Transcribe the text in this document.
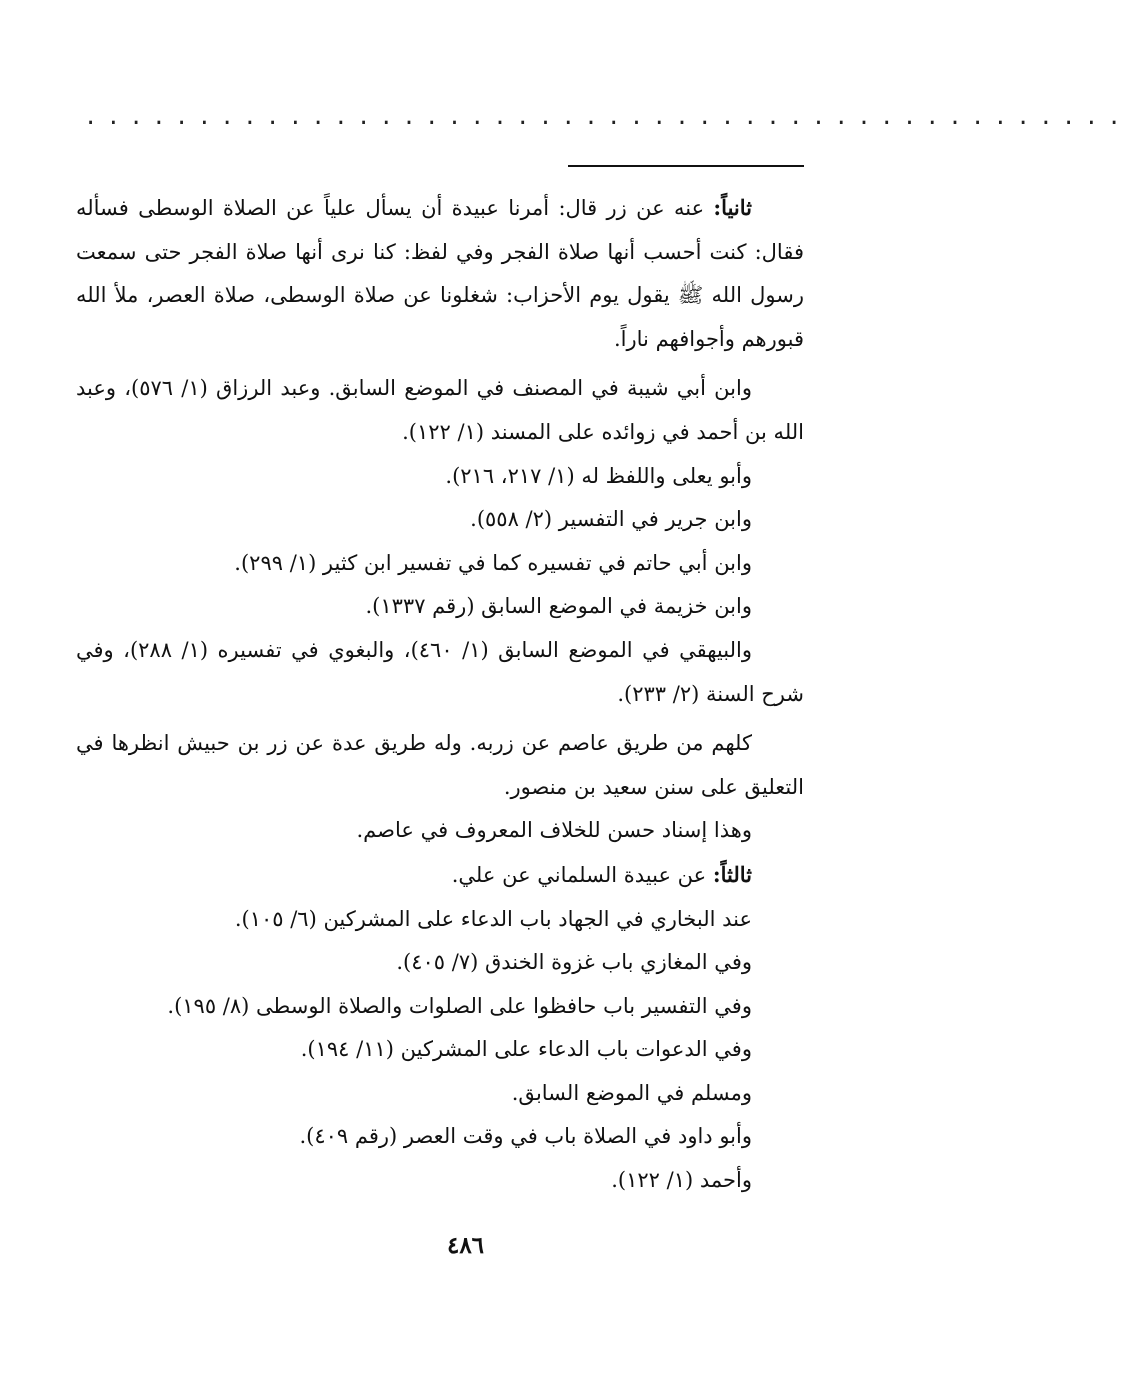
..............................................

ثانياً: عنه عن زر قال: أمرنا عبيدة أن يسأل علياً عن الصلاة الوسطى فسأله فقال: كنت أحسب أنها صلاة الفجر وفي لفظ: كنا نرى أنها صلاة الفجر حتى سمعت رسول الله ﷺ يقول يوم الأحزاب: شغلونا عن صلاة الوسطى، صلاة العصر، ملأ الله قبورهم وأجوافهم ناراً.

وابن أبي شيبة في المصنف في الموضع السابق. وعبد الرزاق (١/ ٥٧٦)، وعبد الله بن أحمد في زوائده على المسند (١/ ١٢٢).

وأبو يعلى واللفظ له (١/ ٢١٧، ٢١٦).

وابن جرير في التفسير (٢/ ٥٥٨).

وابن أبي حاتم في تفسيره كما في تفسير ابن كثير (١/ ٢٩٩).

وابن خزيمة في الموضع السابق (رقم ١٣٣٧).

والبيهقي في الموضع السابق (١/ ٤٦٠)، والبغوي في تفسيره (١/ ٢٨٨)، وفي شرح السنة (٢/ ٢٣٣).

كلهم من طريق عاصم عن زربه. وله طريق عدة عن زر بن حبيش انظرها في التعليق على سنن سعيد بن منصور.

وهذا إسناد حسن للخلاف المعروف في عاصم.

ثالثاً: عن عبيدة السلماني عن علي.

عند البخاري في الجهاد باب الدعاء على المشركين (٦/ ١٠٥).

وفي المغازي باب غزوة الخندق (٧/ ٤٠٥).

وفي التفسير باب حافظوا على الصلوات والصلاة الوسطى (٨/ ١٩٥).

وفي الدعوات باب الدعاء على المشركين (١١/ ١٩٤).

ومسلم في الموضع السابق.

وأبو داود في الصلاة باب في وقت العصر (رقم ٤٠٩).

وأحمد (١/ ١٢٢).

٤٨٦
